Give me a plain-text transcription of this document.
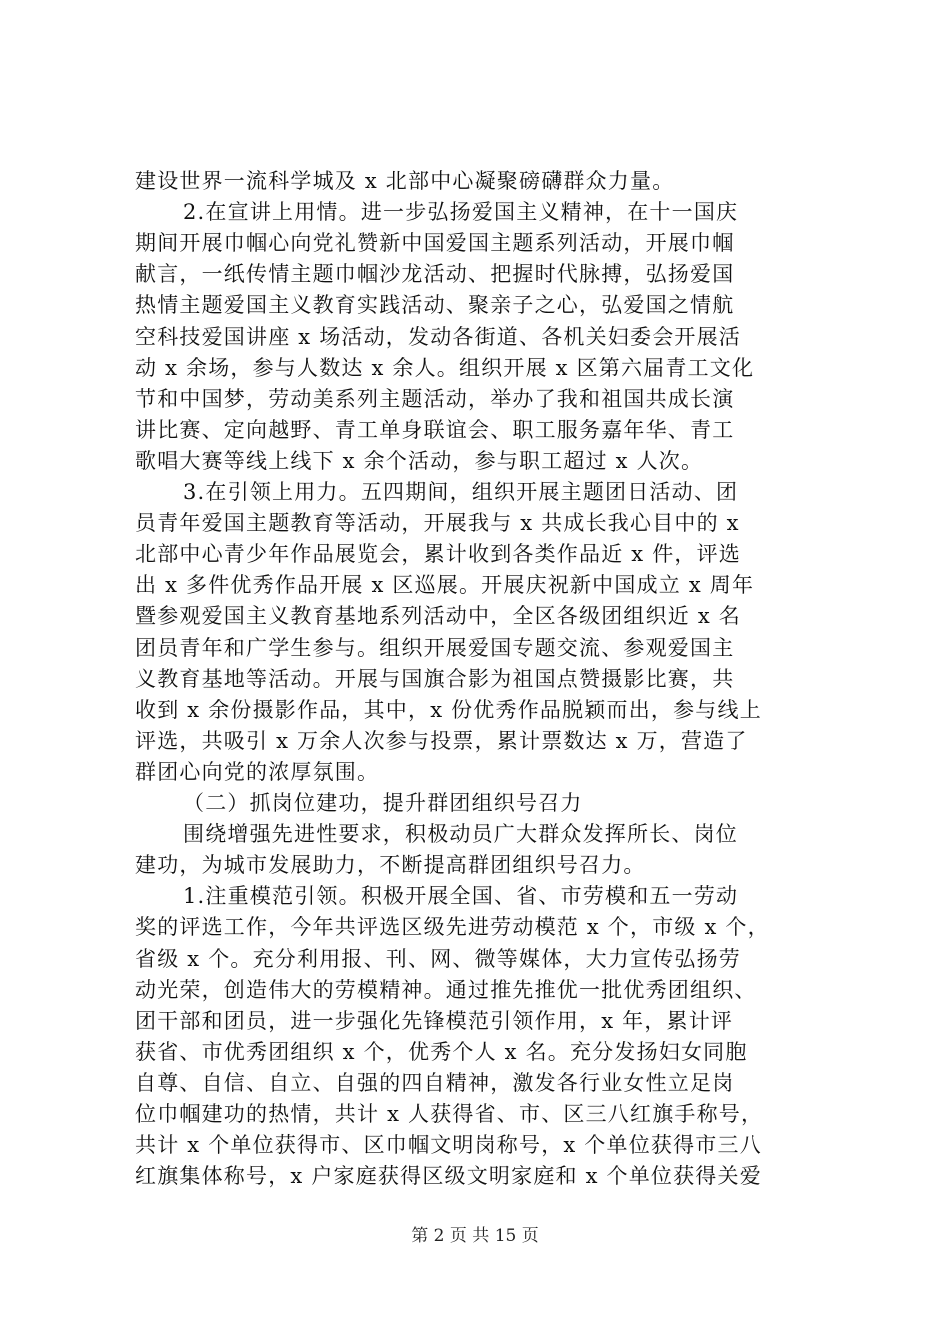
建设世界一流科学城及 x 北部中心凝聚磅礴群众力量。
2.在宣讲上用情。进一步弘扬爱国主义精神，在十一国庆
期间开展巾帼心向党礼赞新中国爱国主题系列活动，开展巾帼
献言，一纸传情主题巾帼沙龙活动、把握时代脉搏，弘扬爱国
热情主题爱国主义教育实践活动、聚亲子之心，弘爱国之情航
空科技爱国讲座 x 场活动，发动各街道、各机关妇委会开展活
动 x 余场，参与人数达 x 余人。组织开展 x 区第六届青工文化
节和中国梦，劳动美系列主题活动，举办了我和祖国共成长演
讲比赛、定向越野、青工单身联谊会、职工服务嘉年华、青工
歌唱大赛等线上线下 x 余个活动，参与职工超过 x 人次。
3.在引领上用力。五四期间，组织开展主题团日活动、团
员青年爱国主题教育等活动，开展我与 x 共成长我心目中的 x
北部中心青少年作品展览会，累计收到各类作品近 x 件，评选
出 x 多件优秀作品开展 x 区巡展。开展庆祝新中国成立 x 周年
暨参观爱国主义教育基地系列活动中，全区各级团组织近 x 名
团员青年和广学生参与。组织开展爱国专题交流、参观爱国主
义教育基地等活动。开展与国旗合影为祖国点赞摄影比赛，共
收到 x 余份摄影作品，其中，x 份优秀作品脱颖而出，参与线上
评选，共吸引 x 万余人次参与投票，累计票数达 x 万，营造了
群团心向党的浓厚氛围。
（二）抓岗位建功，提升群团组织号召力
围绕增强先进性要求，积极动员广大群众发挥所长、岗位
建功，为城市发展助力，不断提高群团组织号召力。
1.注重模范引领。积极开展全国、省、市劳模和五一劳动
奖的评选工作，今年共评选区级先进劳动模范 x 个，市级 x 个，
省级 x 个。充分利用报、刊、网、微等媒体，大力宣传弘扬劳
动光荣，创造伟大的劳模精神。通过推先推优一批优秀团组织、
团干部和团员，进一步强化先锋模范引领作用，x 年，累计评
获省、市优秀团组织 x 个，优秀个人 x 名。充分发扬妇女同胞
自尊、自信、自立、自强的四自精神，激发各行业女性立足岗
位巾帼建功的热情，共计 x 人获得省、市、区三八红旗手称号，
共计 x 个单位获得市、区巾帼文明岗称号，x 个单位获得市三八
红旗集体称号，x 户家庭获得区级文明家庭和 x 个单位获得关爱
第 2 页 共 15 页
